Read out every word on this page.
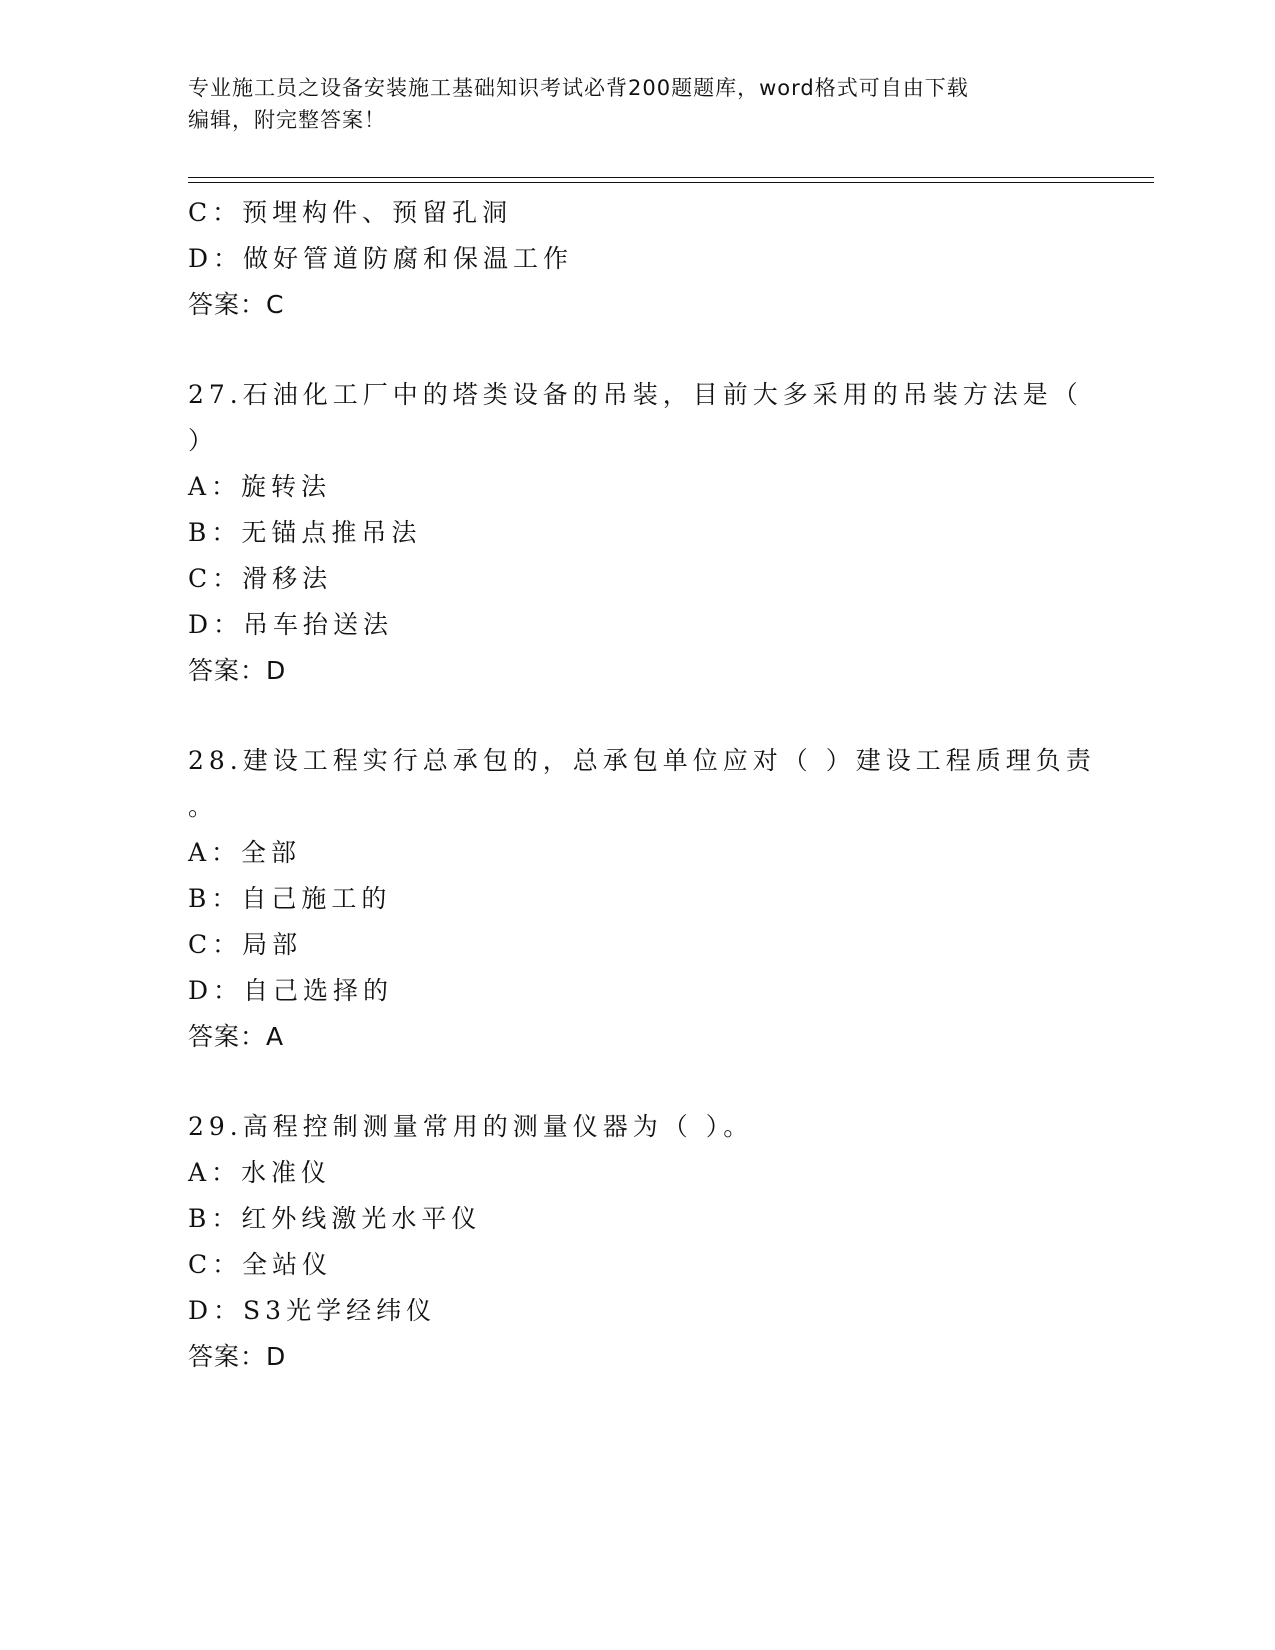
专业施工员之设备安装施工基础知识考试必背200题题库，word格式可自由下载
编辑，附完整答案！
C：预埋构件、预留孔洞
D：做好管道防腐和保温工作
答案：C
27.石油化工厂中的塔类设备的吊装，目前大多采用的吊装方法是（
）
A：旋转法
B：无锚点推吊法
C：滑移法
D：吊车抬送法
答案：D
28.建设工程实行总承包的，总承包单位应对（ ）建设工程质理负责
。
A：全部
B：自己施工的
C：局部
D：自己选择的
答案：A
29.高程控制测量常用的测量仪器为（ ）。
A：水准仪
B：红外线激光水平仪
C：全站仪
D：S3光学经纬仪
答案：D
